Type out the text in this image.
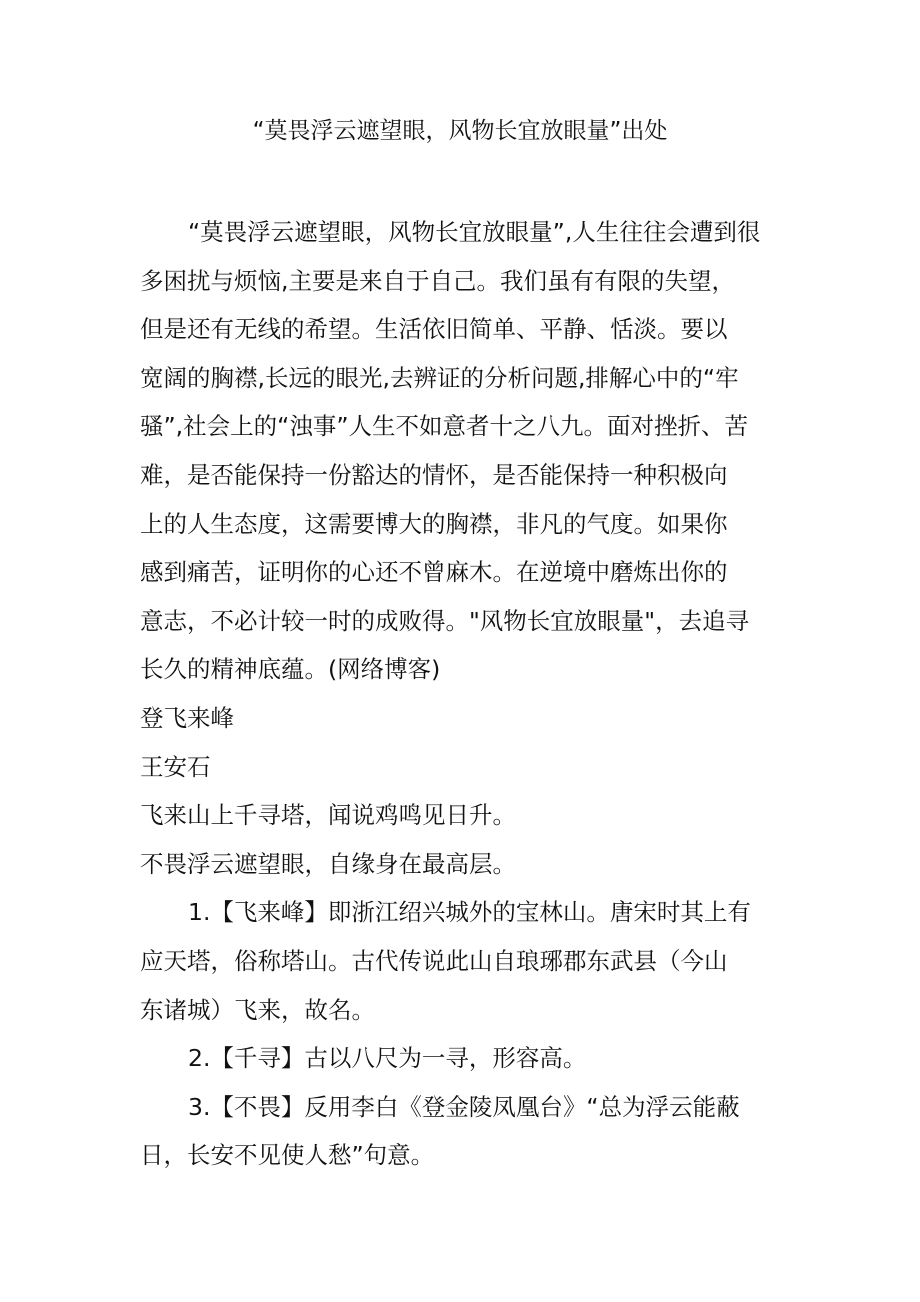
“莫畏浮云遮望眼，风物长宜放眼量”出处
“莫畏浮云遮望眼，风物长宜放眼量”,人生往往会遭到很
多困扰与烦恼,主要是来自于自己。我们虽有有限的失望，
但是还有无线的希望。生活依旧简单、平静、恬淡。要以
宽阔的胸襟,长远的眼光,去辨证的分析问题,排解心中的“牢
骚”,社会上的“浊事”人生不如意者十之八九。面对挫折、苦
难，是否能保持一份豁达的情怀，是否能保持一种积极向
上的人生态度，这需要博大的胸襟，非凡的气度。如果你
感到痛苦，证明你的心还不曾麻木。在逆境中磨炼出你的
意志，不必计较一时的成败得。"风物长宜放眼量"，去追寻
长久的精神底蕴。(网络博客)
登飞来峰
王安石
飞来山上千寻塔，闻说鸡鸣见日升。
不畏浮云遮望眼，自缘身在最高层。
1.【飞来峰】即浙江绍兴城外的宝林山。唐宋时其上有
应天塔，俗称塔山。古代传说此山自琅琊郡东武县（今山
东诸城）飞来，故名。
2.【千寻】古以八尺为一寻，形容高。
3.【不畏】反用李白《登金陵凤凰台》“总为浮云能蔽
日，长安不见使人愁”句意。
